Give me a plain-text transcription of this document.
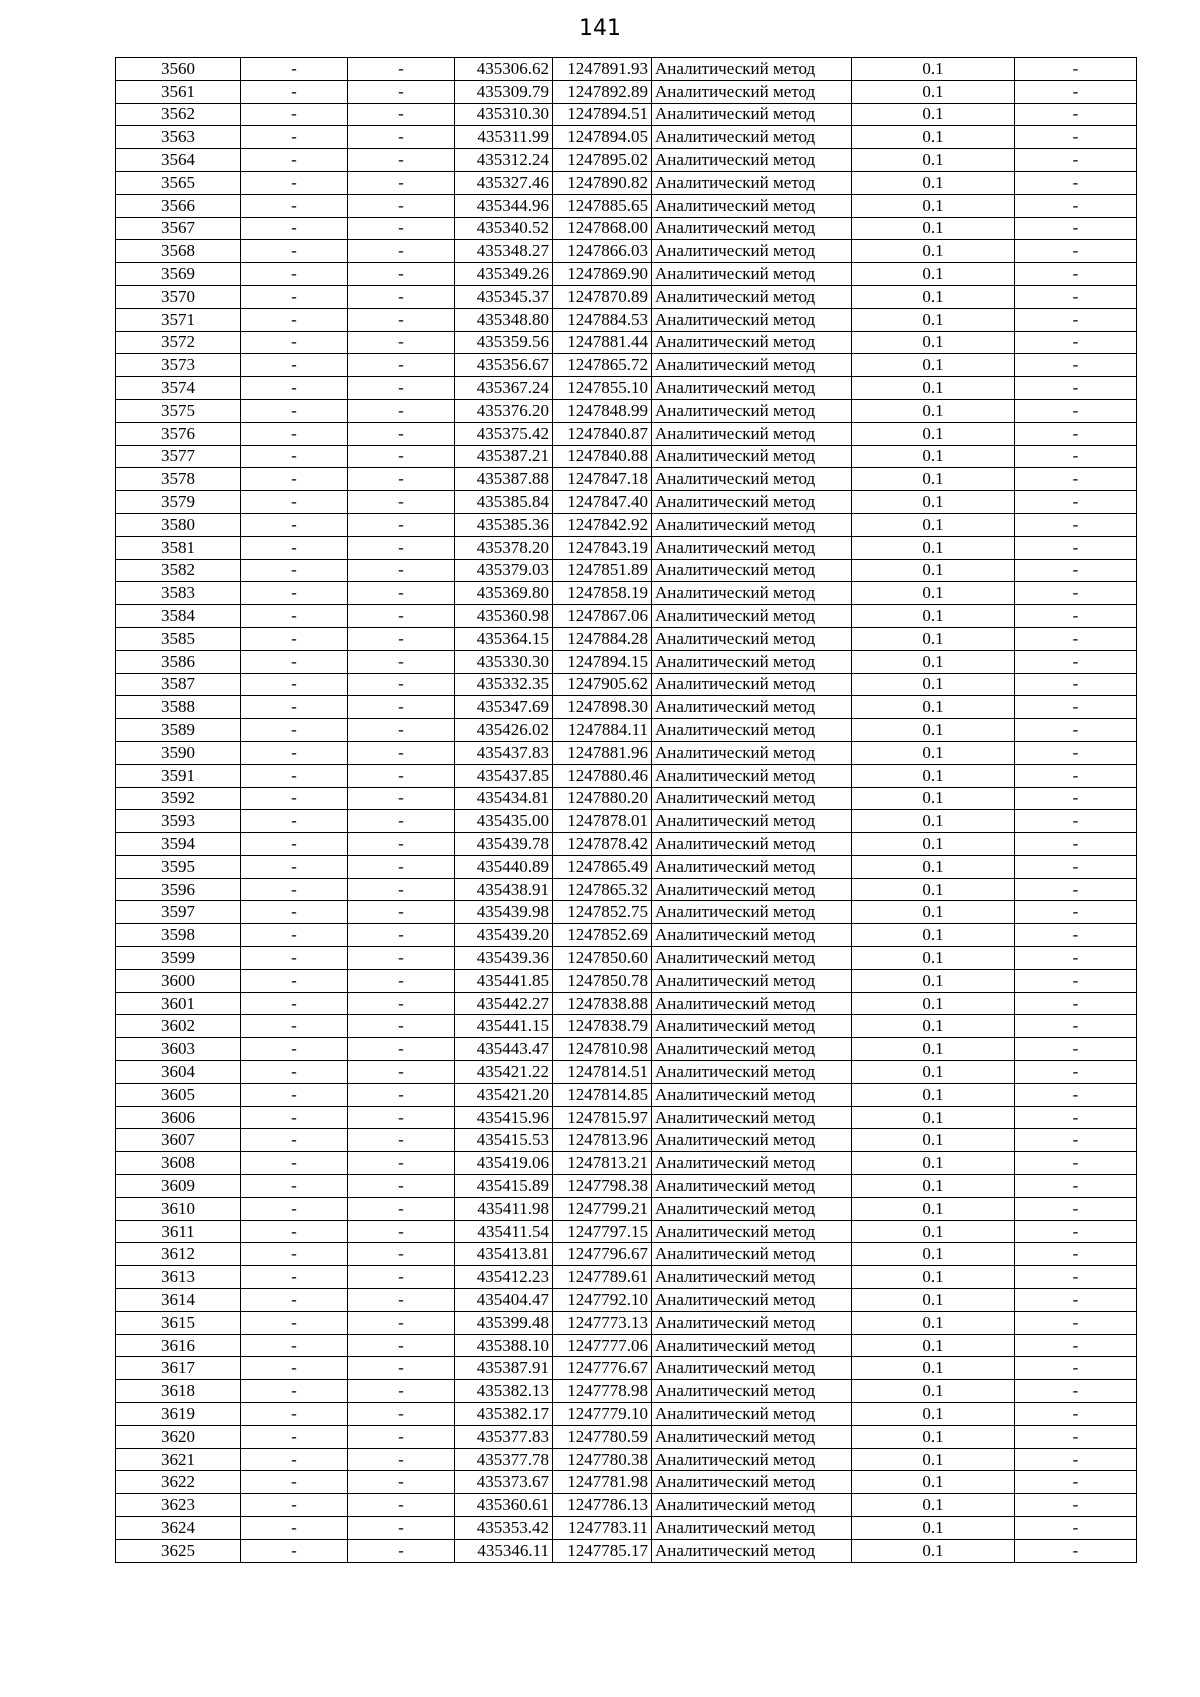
141
3560	-	-	435306.62	1247891.93	Аналитический метод	0.1	-
3561	-	-	435309.79	1247892.89	Аналитический метод	0.1	-
3562	-	-	435310.30	1247894.51	Аналитический метод	0.1	-
3563	-	-	435311.99	1247894.05	Аналитический метод	0.1	-
3564	-	-	435312.24	1247895.02	Аналитический метод	0.1	-
3565	-	-	435327.46	1247890.82	Аналитический метод	0.1	-
3566	-	-	435344.96	1247885.65	Аналитический метод	0.1	-
3567	-	-	435340.52	1247868.00	Аналитический метод	0.1	-
3568	-	-	435348.27	1247866.03	Аналитический метод	0.1	-
3569	-	-	435349.26	1247869.90	Аналитический метод	0.1	-
3570	-	-	435345.37	1247870.89	Аналитический метод	0.1	-
3571	-	-	435348.80	1247884.53	Аналитический метод	0.1	-
3572	-	-	435359.56	1247881.44	Аналитический метод	0.1	-
3573	-	-	435356.67	1247865.72	Аналитический метод	0.1	-
3574	-	-	435367.24	1247855.10	Аналитический метод	0.1	-
3575	-	-	435376.20	1247848.99	Аналитический метод	0.1	-
3576	-	-	435375.42	1247840.87	Аналитический метод	0.1	-
3577	-	-	435387.21	1247840.88	Аналитический метод	0.1	-
3578	-	-	435387.88	1247847.18	Аналитический метод	0.1	-
3579	-	-	435385.84	1247847.40	Аналитический метод	0.1	-
3580	-	-	435385.36	1247842.92	Аналитический метод	0.1	-
3581	-	-	435378.20	1247843.19	Аналитический метод	0.1	-
3582	-	-	435379.03	1247851.89	Аналитический метод	0.1	-
3583	-	-	435369.80	1247858.19	Аналитический метод	0.1	-
3584	-	-	435360.98	1247867.06	Аналитический метод	0.1	-
3585	-	-	435364.15	1247884.28	Аналитический метод	0.1	-
3586	-	-	435330.30	1247894.15	Аналитический метод	0.1	-
3587	-	-	435332.35	1247905.62	Аналитический метод	0.1	-
3588	-	-	435347.69	1247898.30	Аналитический метод	0.1	-
3589	-	-	435426.02	1247884.11	Аналитический метод	0.1	-
3590	-	-	435437.83	1247881.96	Аналитический метод	0.1	-
3591	-	-	435437.85	1247880.46	Аналитический метод	0.1	-
3592	-	-	435434.81	1247880.20	Аналитический метод	0.1	-
3593	-	-	435435.00	1247878.01	Аналитический метод	0.1	-
3594	-	-	435439.78	1247878.42	Аналитический метод	0.1	-
3595	-	-	435440.89	1247865.49	Аналитический метод	0.1	-
3596	-	-	435438.91	1247865.32	Аналитический метод	0.1	-
3597	-	-	435439.98	1247852.75	Аналитический метод	0.1	-
3598	-	-	435439.20	1247852.69	Аналитический метод	0.1	-
3599	-	-	435439.36	1247850.60	Аналитический метод	0.1	-
3600	-	-	435441.85	1247850.78	Аналитический метод	0.1	-
3601	-	-	435442.27	1247838.88	Аналитический метод	0.1	-
3602	-	-	435441.15	1247838.79	Аналитический метод	0.1	-
3603	-	-	435443.47	1247810.98	Аналитический метод	0.1	-
3604	-	-	435421.22	1247814.51	Аналитический метод	0.1	-
3605	-	-	435421.20	1247814.85	Аналитический метод	0.1	-
3606	-	-	435415.96	1247815.97	Аналитический метод	0.1	-
3607	-	-	435415.53	1247813.96	Аналитический метод	0.1	-
3608	-	-	435419.06	1247813.21	Аналитический метод	0.1	-
3609	-	-	435415.89	1247798.38	Аналитический метод	0.1	-
3610	-	-	435411.98	1247799.21	Аналитический метод	0.1	-
3611	-	-	435411.54	1247797.15	Аналитический метод	0.1	-
3612	-	-	435413.81	1247796.67	Аналитический метод	0.1	-
3613	-	-	435412.23	1247789.61	Аналитический метод	0.1	-
3614	-	-	435404.47	1247792.10	Аналитический метод	0.1	-
3615	-	-	435399.48	1247773.13	Аналитический метод	0.1	-
3616	-	-	435388.10	1247777.06	Аналитический метод	0.1	-
3617	-	-	435387.91	1247776.67	Аналитический метод	0.1	-
3618	-	-	435382.13	1247778.98	Аналитический метод	0.1	-
3619	-	-	435382.17	1247779.10	Аналитический метод	0.1	-
3620	-	-	435377.83	1247780.59	Аналитический метод	0.1	-
3621	-	-	435377.78	1247780.38	Аналитический метод	0.1	-
3622	-	-	435373.67	1247781.98	Аналитический метод	0.1	-
3623	-	-	435360.61	1247786.13	Аналитический метод	0.1	-
3624	-	-	435353.42	1247783.11	Аналитический метод	0.1	-
3625	-	-	435346.11	1247785.17	Аналитический метод	0.1	-
